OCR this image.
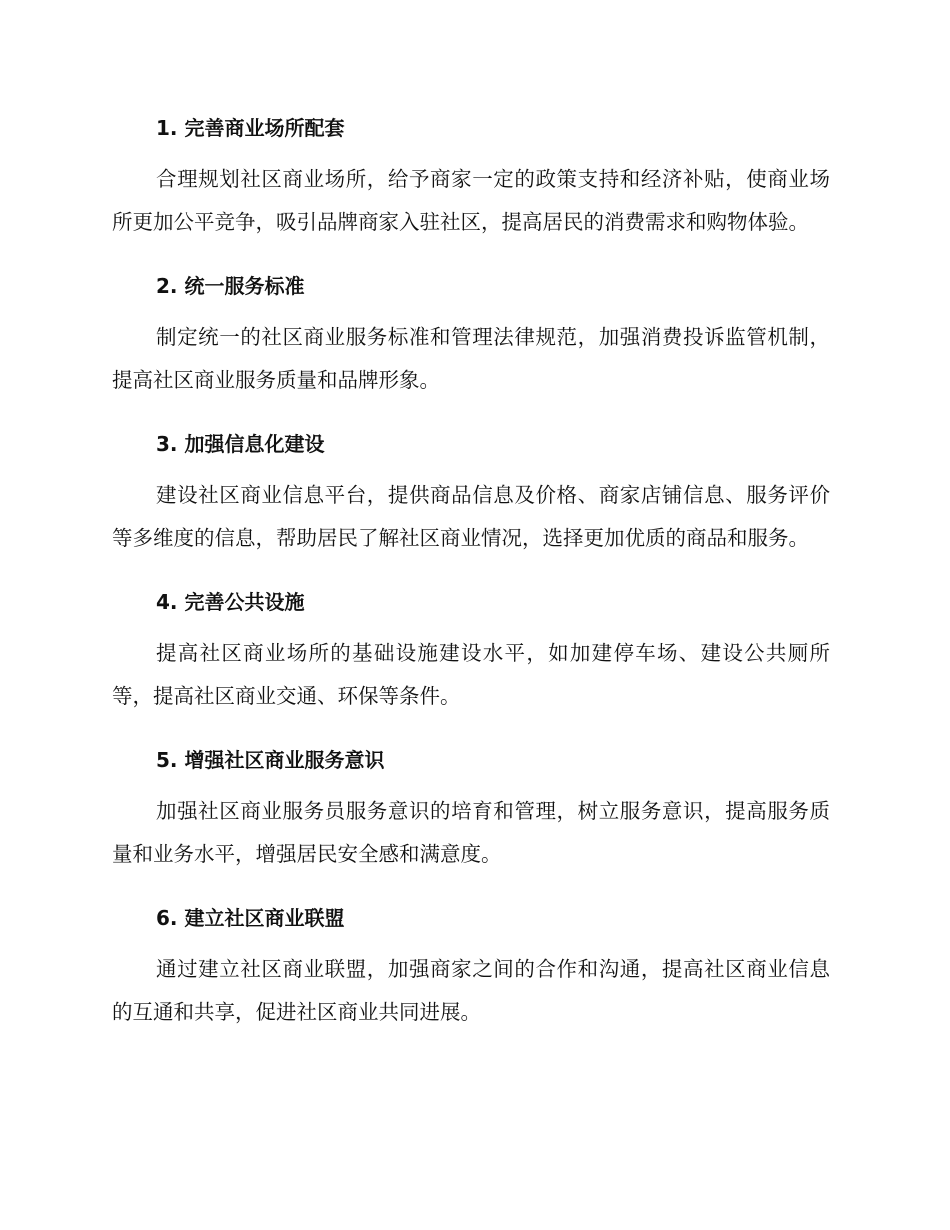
1. 完善商业场所配套

合理规划社区商业场所，给予商家一定的政策支持和经济补贴，使商业场所更加公平竞争，吸引品牌商家入驻社区，提高居民的消费需求和购物体验。

2. 统一服务标准

制定统一的社区商业服务标准和管理法律规范，加强消费投诉监管机制，提高社区商业服务质量和品牌形象。

3. 加强信息化建设

建设社区商业信息平台，提供商品信息及价格、商家店铺信息、服务评价等多维度的信息，帮助居民了解社区商业情况，选择更加优质的商品和服务。

4. 完善公共设施

提高社区商业场所的基础设施建设水平，如加建停车场、建设公共厕所等，提高社区商业交通、环保等条件。

5. 增强社区商业服务意识

加强社区商业服务员服务意识的培育和管理，树立服务意识，提高服务质量和业务水平，增强居民安全感和满意度。

6. 建立社区商业联盟

通过建立社区商业联盟，加强商家之间的合作和沟通，提高社区商业信息的互通和共享，促进社区商业共同进展。
